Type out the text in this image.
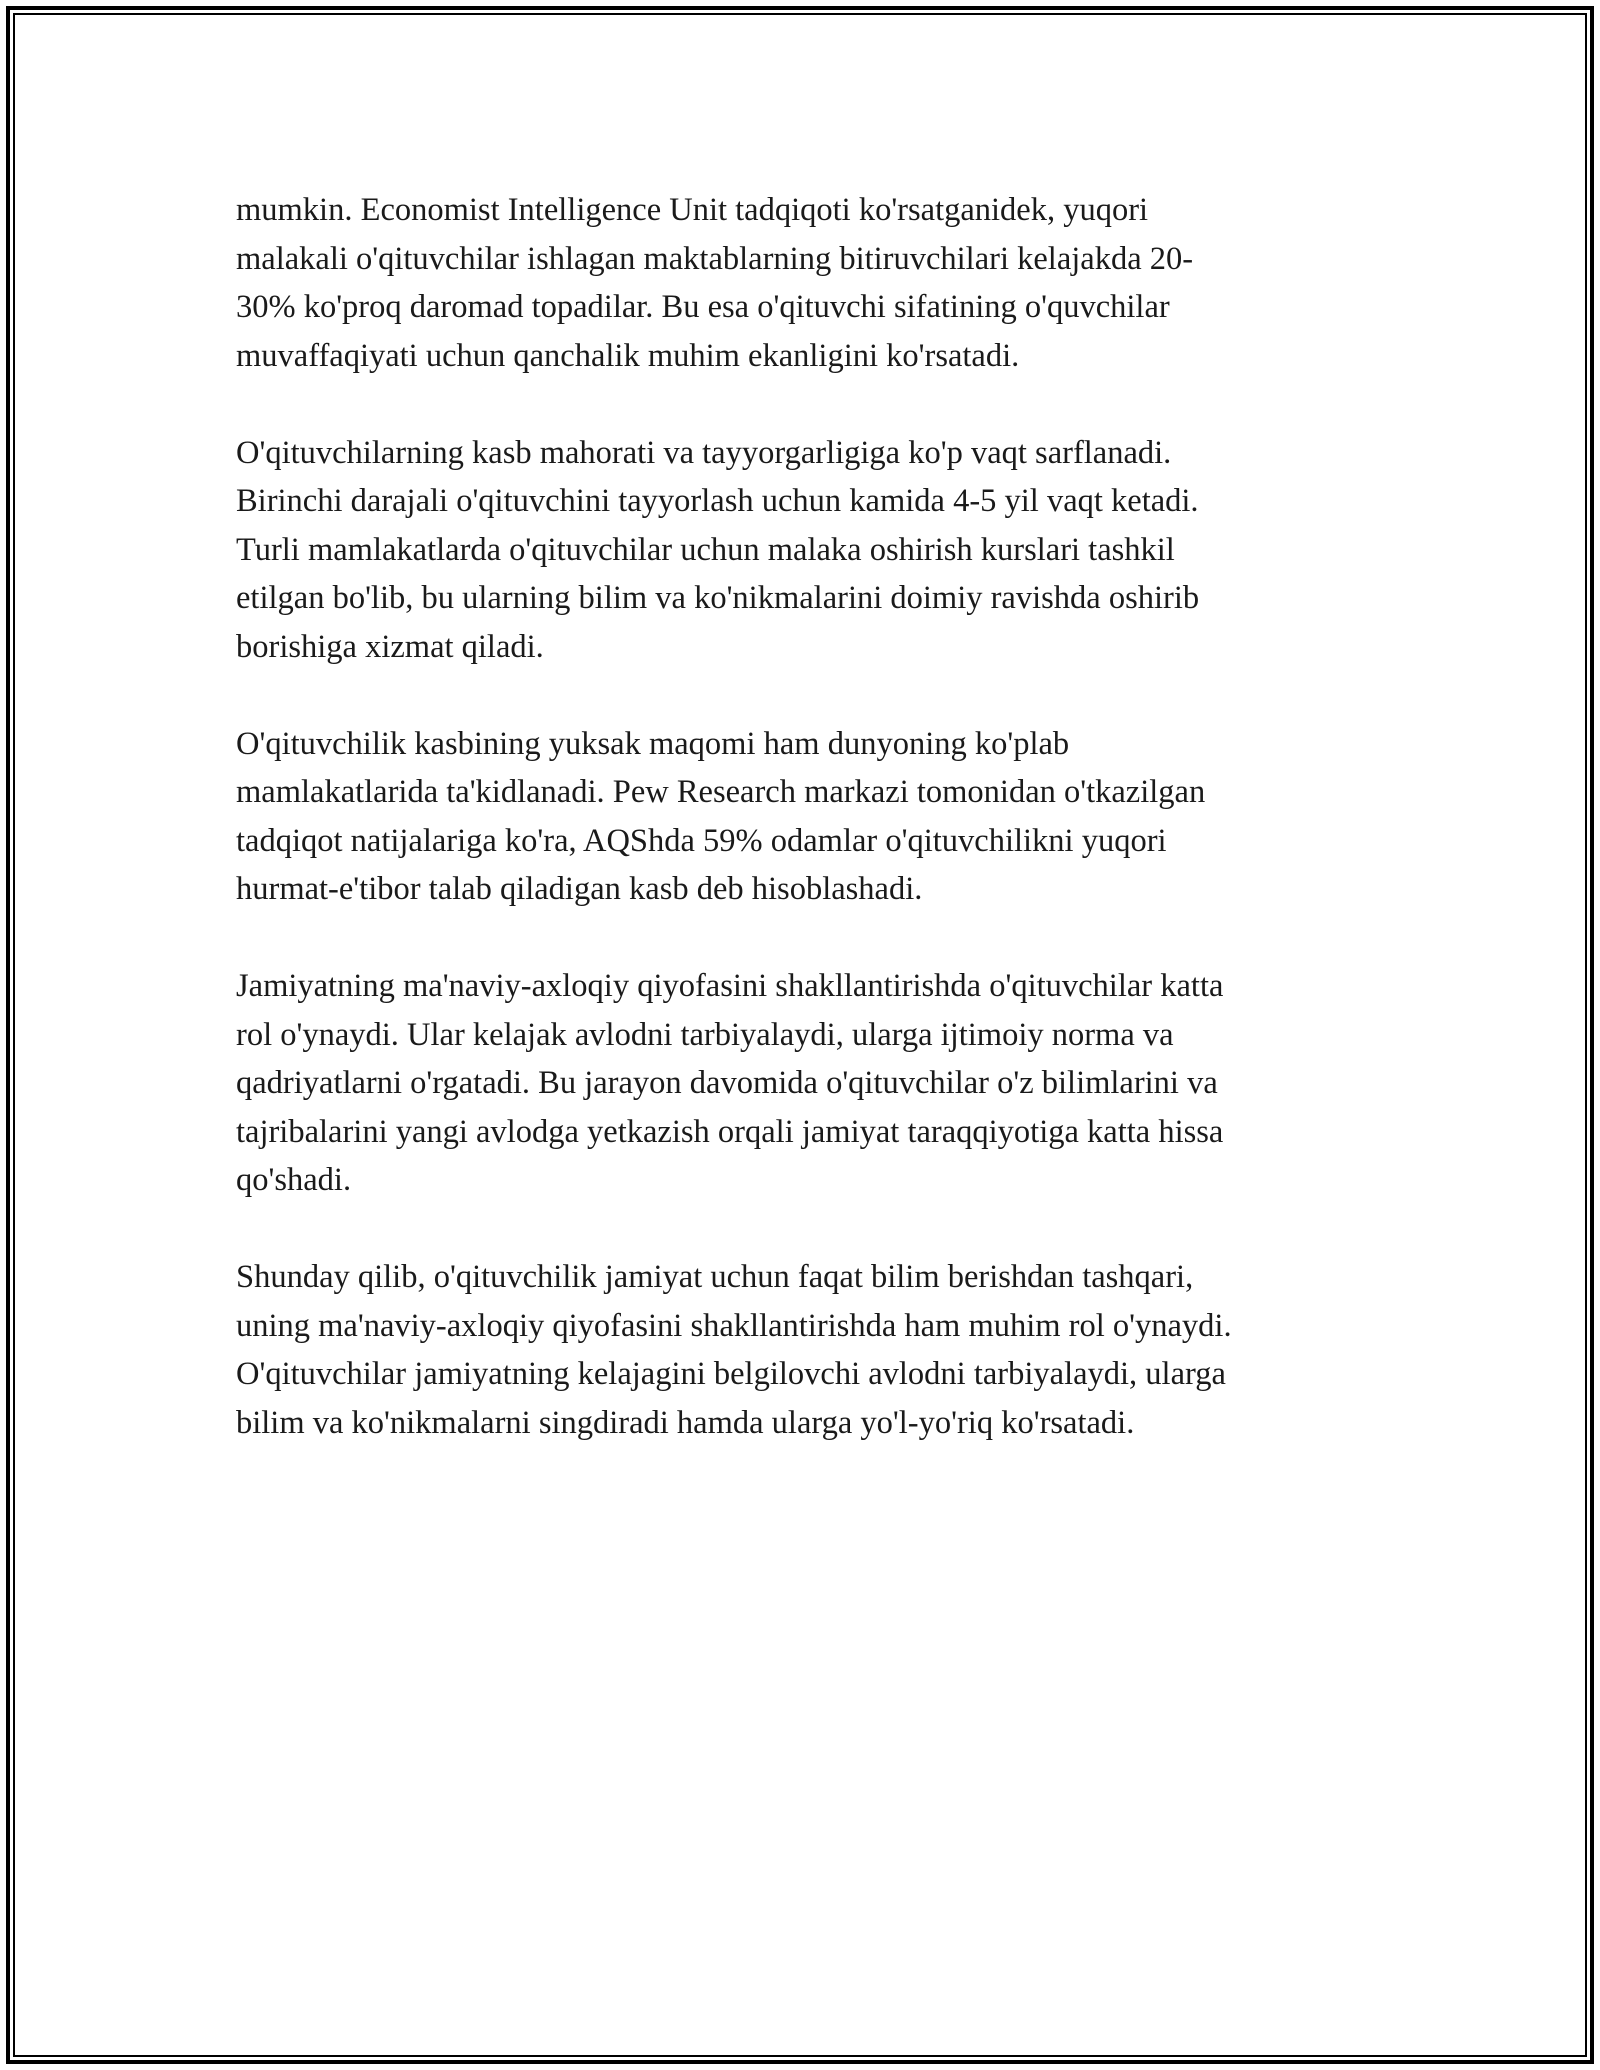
mumkin. Economist Intelligence Unit tadqiqoti ko'rsatganidek, yuqori
malakali o'qituvchilar ishlagan maktablarning bitiruvchilari kelajakda 20-
30% ko'proq daromad topadilar. Bu esa o'qituvchi sifatining o'quvchilar
muvaffaqiyati uchun qanchalik muhim ekanligini ko'rsatadi.

O'qituvchilarning kasb mahorati va tayyorgarligiga ko'p vaqt sarflanadi.
Birinchi darajali o'qituvchini tayyorlash uchun kamida 4-5 yil vaqt ketadi.
Turli mamlakatlarda o'qituvchilar uchun malaka oshirish kurslari tashkil
etilgan bo'lib, bu ularning bilim va ko'nikmalarini doimiy ravishda oshirib
borishiga xizmat qiladi.

O'qituvchilik kasbining yuksak maqomi ham dunyoning ko'plab
mamlakatlarida ta'kidlanadi. Pew Research markazi tomonidan o'tkazilgan
tadqiqot natijalariga ko'ra, AQShda 59% odamlar o'qituvchilikni yuqori
hurmat-e'tibor talab qiladigan kasb deb hisoblashadi.

Jamiyatning ma'naviy-axloqiy qiyofasini shakllantirishda o'qituvchilar katta
rol o'ynaydi. Ular kelajak avlodni tarbiyalaydi, ularga ijtimoiy norma va
qadriyatlarni o'rgatadi. Bu jarayon davomida o'qituvchilar o'z bilimlarini va
tajribalarini yangi avlodga yetkazish orqali jamiyat taraqqiyotiga katta hissa
qo'shadi.

Shunday qilib, o'qituvchilik jamiyat uchun faqat bilim berishdan tashqari,
uning ma'naviy-axloqiy qiyofasini shakllantirishda ham muhim rol o'ynaydi.
O'qituvchilar jamiyatning kelajagini belgilovchi avlodni tarbiyalaydi, ularga
bilim va ko'nikmalarni singdiradi hamda ularga yo'l-yo'riq ko'rsatadi.
